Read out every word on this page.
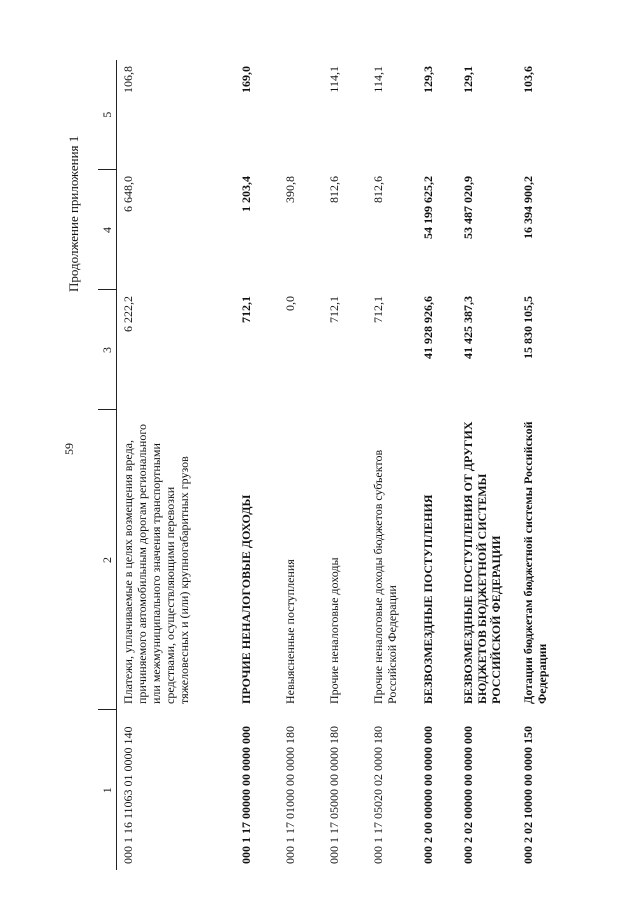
59
Продолжение приложения 1
1	2	3	4	5
000 1 16 11063 01 0000 140	Платежи, уплачиваемые в целях возмещения вреда, причиняемого автомобильным дорогам регионального или межмуниципального значения транспортными средствами, осуществляющими перевозки тяжеловесных и (или) крупногабаритных грузов	6 222,2	6 648,0	106,8
000 1 17 00000 00 0000 000	ПРОЧИЕ НЕНАЛОГОВЫЕ ДОХОДЫ	712,1	1 203,4	169,0
000 1 17 01000 00 0000 180	Невыясненные поступления	0,0	390,8	
000 1 17 05000 00 0000 180	Прочие неналоговые доходы	712,1	812,6	114,1
000 1 17 05020 02 0000 180	Прочие неналоговые доходы бюджетов субъектов Российской Федерации	712,1	812,6	114,1
000 2 00 00000 00 0000 000	БЕЗВОЗМЕЗДНЫЕ ПОСТУПЛЕНИЯ	41 928 926,6	54 199 625,2	129,3
000 2 02 00000 00 0000 000	БЕЗВОЗМЕЗДНЫЕ ПОСТУПЛЕНИЯ ОТ ДРУГИХ БЮДЖЕТОВ БЮДЖЕТНОЙ СИСТЕМЫ РОССИЙСКОЙ ФЕДЕРАЦИИ	41 425 387,3	53 487 020,9	129,1
000 2 02 10000 00 0000 150	Дотации бюджетам бюджетной системы Российской Федерации	15 830 105,5	16 394 900,2	103,6
